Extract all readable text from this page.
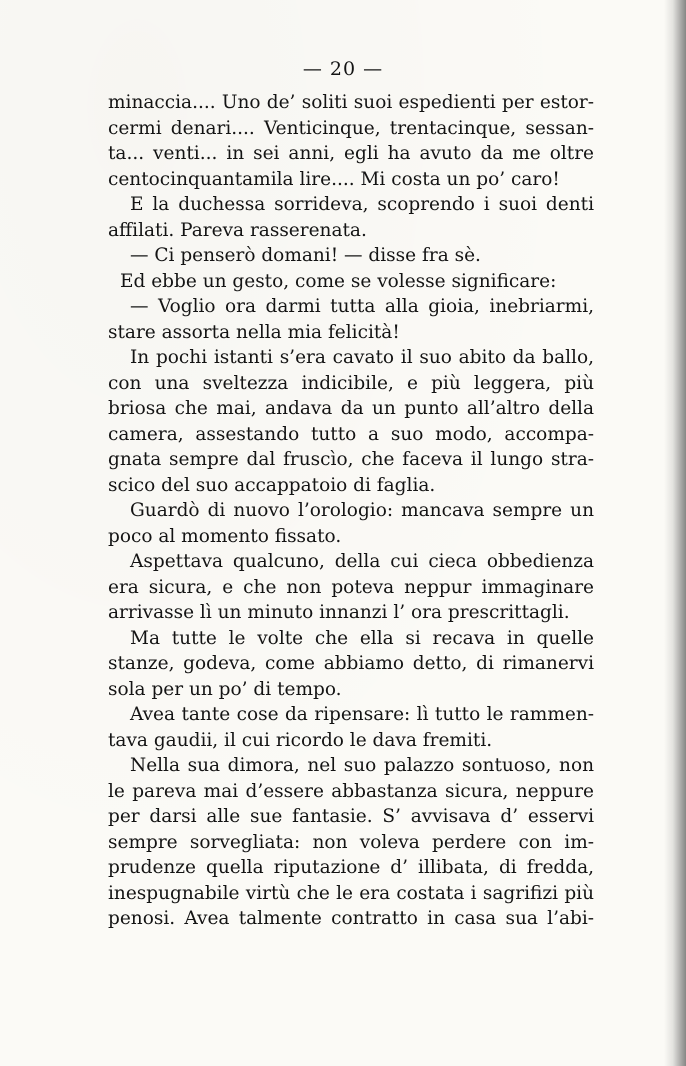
— 20 —
minaccia.... Uno de’ soliti suoi espedienti per estor-
cermi denari.... Venticinque, trentacinque, sessan-
ta... venti... in sei anni, egli ha avuto da me oltre
centocinquantamila lire.... Mi costa un po’ caro!
E la duchessa sorrideva, scoprendo i suoi denti
affilati. Pareva rasserenata.
— Ci penserò domani! — disse fra sè.
Ed ebbe un gesto, come se volesse significare:
— Voglio ora darmi tutta alla gioia, inebriarmi,
stare assorta nella mia felicità!
In pochi istanti s’era cavato il suo abito da ballo,
con una sveltezza indicibile, e più leggera, più
briosa che mai, andava da un punto all’altro della
camera, assestando tutto a suo modo, accompa-
gnata sempre dal fruscìo, che faceva il lungo stra-
scico del suo accappatoio di faglia.
Guardò di nuovo l’orologio: mancava sempre un
poco al momento fissato.
Aspettava qualcuno, della cui cieca obbedienza
era sicura, e che non poteva neppur immaginare
arrivasse lì un minuto innanzi l’ ora prescrittagli.
Ma tutte le volte che ella si recava in quelle
stanze, godeva, come abbiamo detto, di rimanervi
sola per un po’ di tempo.
Avea tante cose da ripensare: lì tutto le rammen-
tava gaudii, il cui ricordo le dava fremiti.
Nella sua dimora, nel suo palazzo sontuoso, non
le pareva mai d’essere abbastanza sicura, neppure
per darsi alle sue fantasie. S’ avvisava d’ esservi
sempre sorvegliata: non voleva perdere con im-
prudenze quella riputazione d’ illibata, di fredda,
inespugnabile virtù che le era costata i sagrifizi più
penosi. Avea talmente contratto in casa sua l’abi-
